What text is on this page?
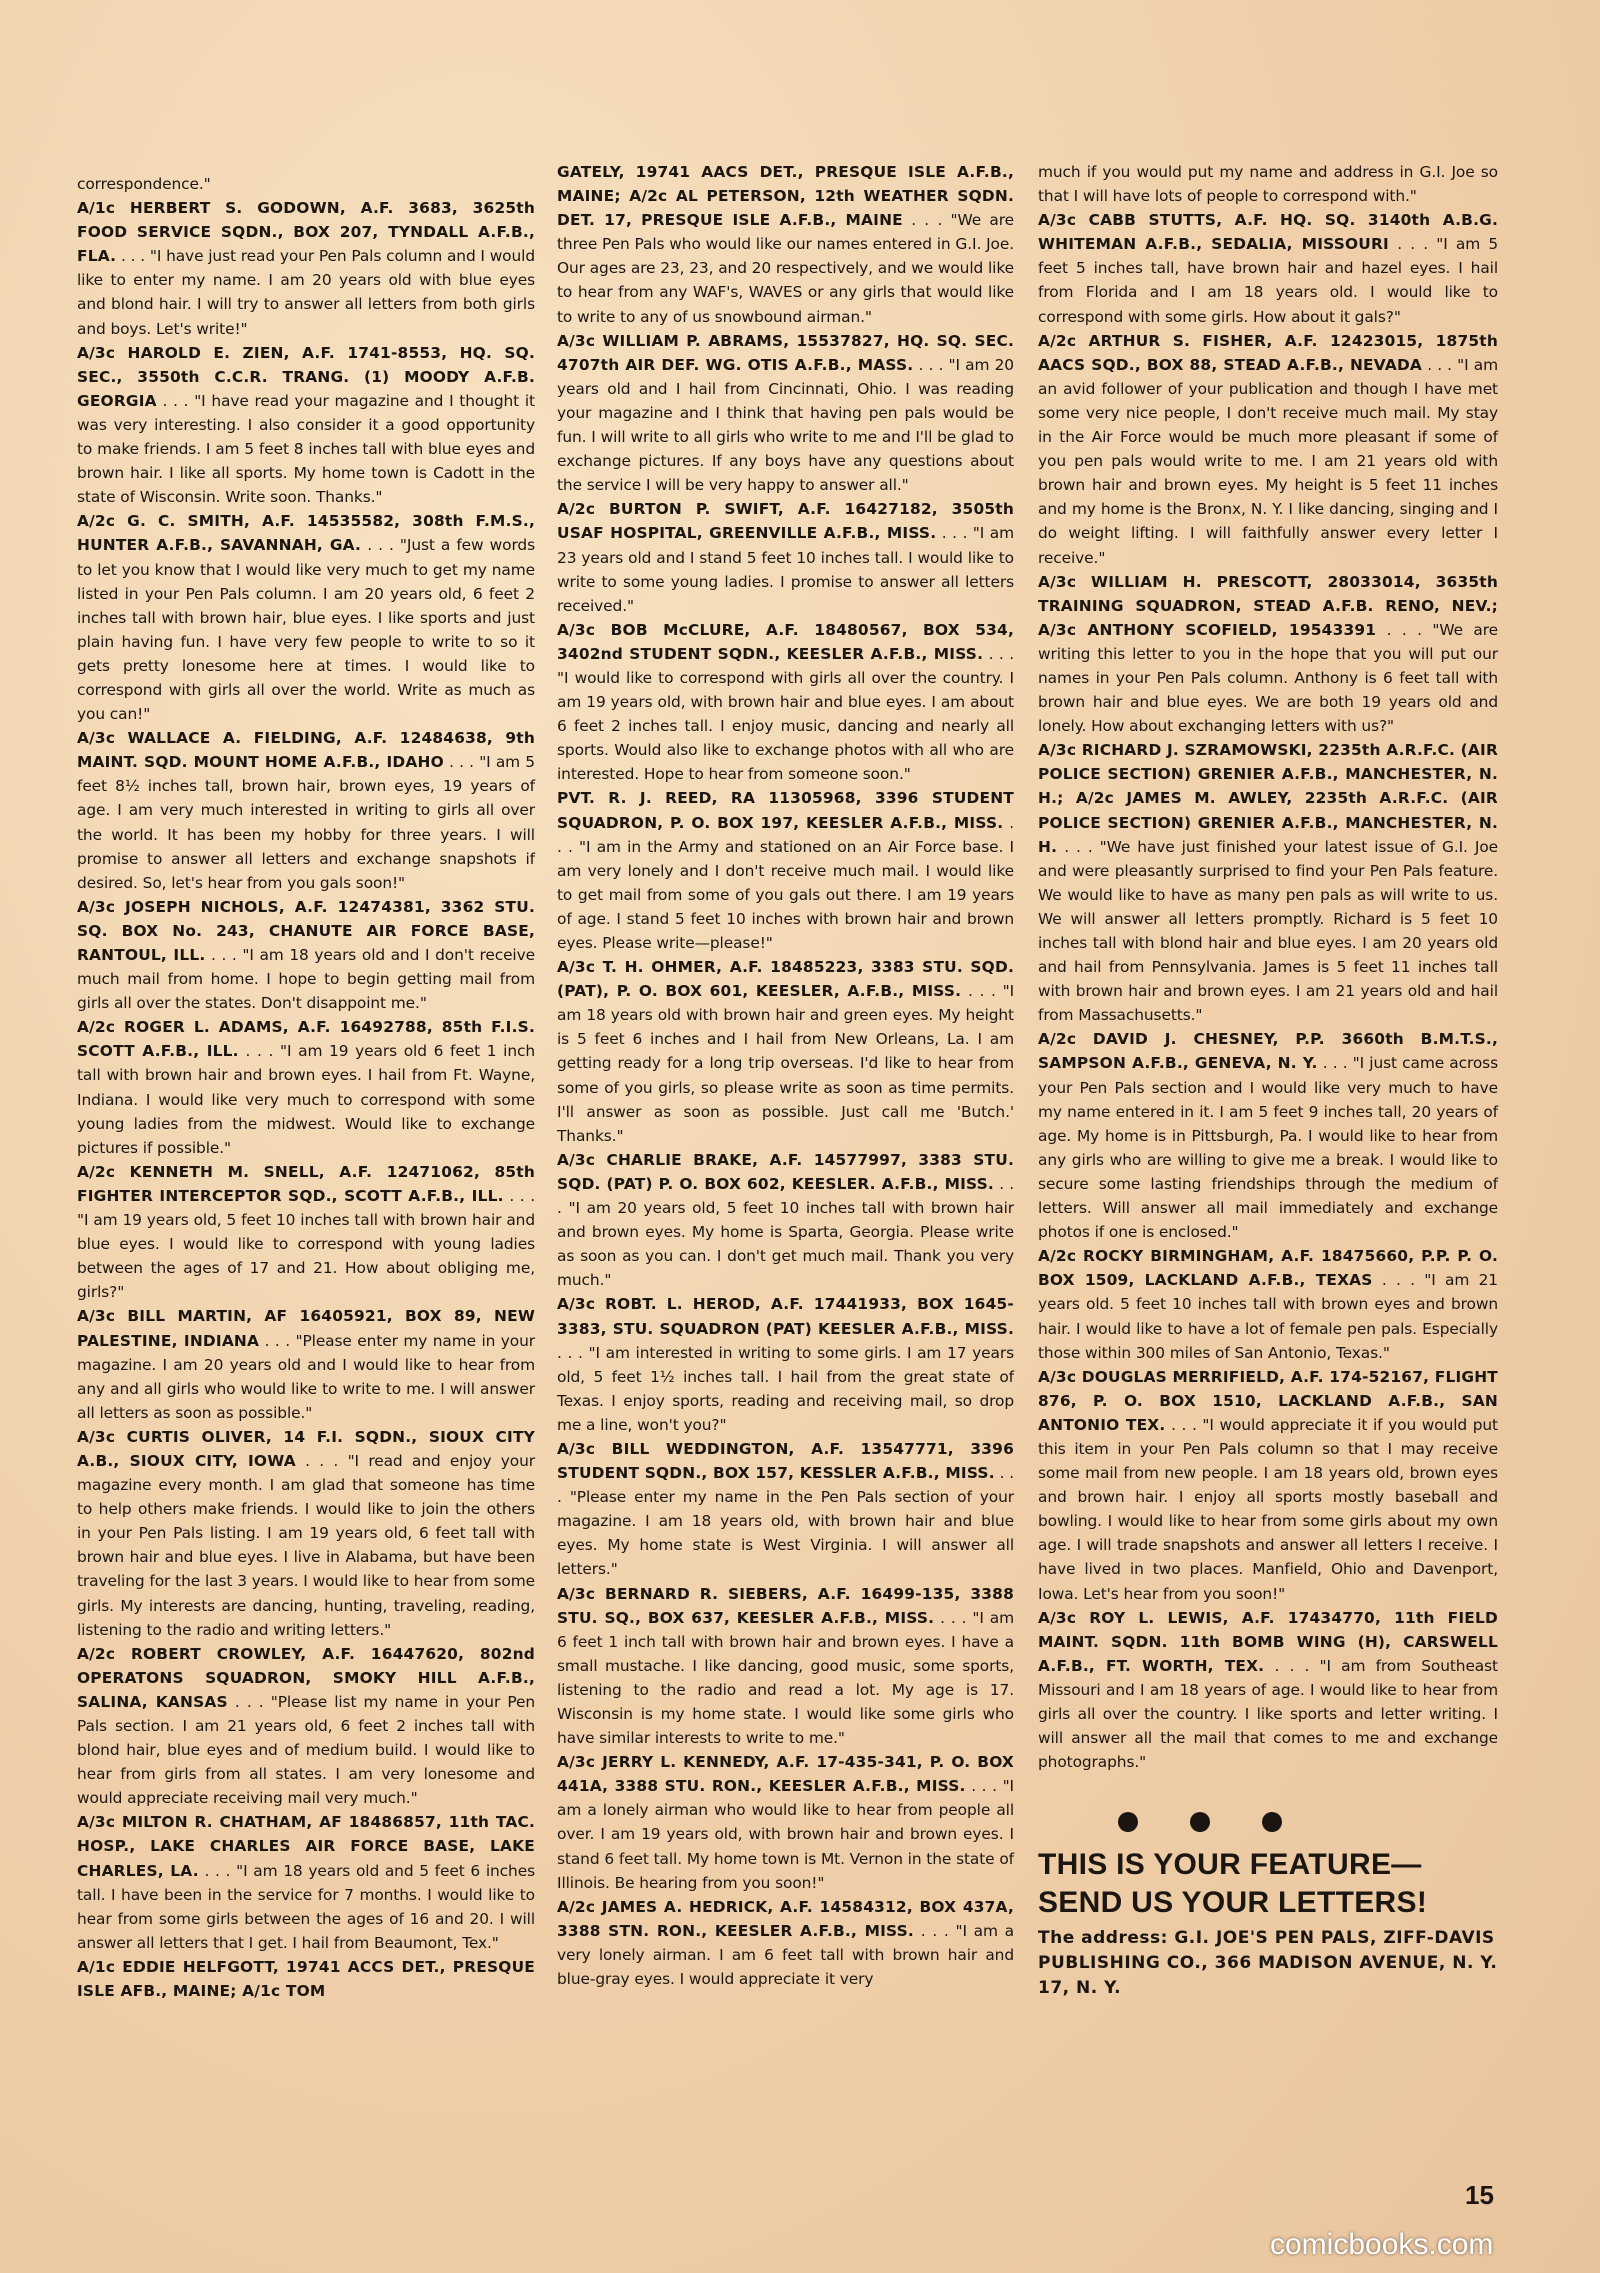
correspondence."

A/1c HERBERT S. GODOWN, A.F. 3683, 3625th FOOD SERVICE SQDN., BOX 207, TYNDALL A.F.B., FLA. . . . "I have just read your Pen Pals column and I would like to enter my name. I am 20 years old with blue eyes and blond hair. I will try to answer all letters from both girls and boys. Let's write!"

A/3c HAROLD E. ZIEN, A.F. 1741-8553, HQ. SQ. SEC., 3550th C.C.R. TRANG. (1) MOODY A.F.B. GEORGIA . . . "I have read your magazine and I thought it was very interesting. I also consider it a good opportunity to make friends. I am 5 feet 8 inches tall with blue eyes and brown hair. I like all sports. My home town is Cadott in the state of Wisconsin. Write soon. Thanks."

A/2c G. C. SMITH, A.F. 14535582, 308th F.M.S., HUNTER A.F.B., SAVANNAH, GA. . . . "Just a few words to let you know that I would like very much to get my name listed in your Pen Pals column. I am 20 years old, 6 feet 2 inches tall with brown hair, blue eyes. I like sports and just plain having fun. I have very few people to write to so it gets pretty lonesome here at times. I would like to correspond with girls all over the world. Write as much as you can!"

A/3c WALLACE A. FIELDING, A.F. 12484638, 9th MAINT. SQD. MOUNT HOME A.F.B., IDAHO . . . "I am 5 feet 8½ inches tall, brown hair, brown eyes, 19 years of age. I am very much interested in writing to girls all over the world. It has been my hobby for three years. I will promise to answer all letters and exchange snapshots if desired. So, let's hear from you gals soon!"

A/3c JOSEPH NICHOLS, A.F. 12474381, 3362 STU. SQ. BOX No. 243, CHANUTE AIR FORCE BASE, RANTOUL, ILL. . . . "I am 18 years old and I don't receive much mail from home. I hope to begin getting mail from girls all over the states. Don't disappoint me."

A/2c ROGER L. ADAMS, A.F. 16492788, 85th F.I.S. SCOTT A.F.B., ILL. . . . "I am 19 years old 6 feet 1 inch tall with brown hair and brown eyes. I hail from Ft. Wayne, Indiana. I would like very much to correspond with some young ladies from the midwest. Would like to exchange pictures if possible."

A/2c KENNETH M. SNELL, A.F. 12471062, 85th FIGHTER INTERCEPTOR SQD., SCOTT A.F.B., ILL. . . . "I am 19 years old, 5 feet 10 inches tall with brown hair and blue eyes. I would like to correspond with young ladies between the ages of 17 and 21. How about obliging me, girls?"

A/3c BILL MARTIN, AF 16405921, BOX 89, NEW PALESTINE, INDIANA . . . "Please enter my name in your magazine. I am 20 years old and I would like to hear from any and all girls who would like to write to me. I will answer all letters as soon as possible."

A/3c CURTIS OLIVER, 14 F.I. SQDN., SIOUX CITY A.B., SIOUX CITY, IOWA . . . "I read and enjoy your magazine every month. I am glad that someone has time to help others make friends. I would like to join the others in your Pen Pals listing. I am 19 years old, 6 feet tall with brown hair and blue eyes. I live in Alabama, but have been traveling for the last 3 years. I would like to hear from some girls. My interests are dancing, hunting, traveling, reading, listening to the radio and writing letters."

A/2c ROBERT CROWLEY, A.F. 16447620, 802nd OPERATONS SQUADRON, SMOKY HILL A.F.B., SALINA, KANSAS . . . "Please list my name in your Pen Pals section. I am 21 years old, 6 feet 2 inches tall with blond hair, blue eyes and of medium build. I would like to hear from girls from all states. I am very lonesome and would appreciate receiving mail very much."

A/3c MILTON R. CHATHAM, AF 18486857, 11th TAC. HOSP., LAKE CHARLES AIR FORCE BASE, LAKE CHARLES, LA. . . . "I am 18 years old and 5 feet 6 inches tall. I have been in the service for 7 months. I would like to hear from some girls between the ages of 16 and 20. I will answer all letters that I get. I hail from Beaumont, Tex."

A/1c EDDIE HELFGOTT, 19741 ACCS DET., PRESQUE ISLE AFB., MAINE; A/1c TOM

GATELY, 19741 AACS DET., PRESQUE ISLE A.F.B., MAINE; A/2c AL PETERSON, 12th WEATHER SQDN. DET. 17, PRESQUE ISLE A.F.B., MAINE . . . "We are three Pen Pals who would like our names entered in G.I. Joe. Our ages are 23, 23, and 20 respectively, and we would like to hear from any WAF's, WAVES or any girls that would like to write to any of us snowbound airman."

A/3c WILLIAM P. ABRAMS, 15537827, HQ. SQ. SEC. 4707th AIR DEF. WG. OTIS A.F.B., MASS. . . . "I am 20 years old and I hail from Cincinnati, Ohio. I was reading your magazine and I think that having pen pals would be fun. I will write to all girls who write to me and I'll be glad to exchange pictures. If any boys have any questions about the service I will be very happy to answer all."

A/2c BURTON P. SWIFT, A.F. 16427182, 3505th USAF HOSPITAL, GREENVILLE A.F.B., MISS. . . . "I am 23 years old and I stand 5 feet 10 inches tall. I would like to write to some young ladies. I promise to answer all letters received."

A/3c BOB McCLURE, A.F. 18480567, BOX 534, 3402nd STUDENT SQDN., KEESLER A.F.B., MISS. . . . "I would like to correspond with girls all over the country. I am 19 years old, with brown hair and blue eyes. I am about 6 feet 2 inches tall. I enjoy music, dancing and nearly all sports. Would also like to exchange photos with all who are interested. Hope to hear from someone soon."

PVT. R. J. REED, RA 11305968, 3396 STUDENT SQUADRON, P. O. BOX 197, KEESLER A.F.B., MISS. . . . "I am in the Army and stationed on an Air Force base. I am very lonely and I don't receive much mail. I would like to get mail from some of you gals out there. I am 19 years of age. I stand 5 feet 10 inches with brown hair and brown eyes. Please write—please!"

A/3c T. H. OHMER, A.F. 18485223, 3383 STU. SQD. (PAT), P. O. BOX 601, KEESLER, A.F.B., MISS. . . . "I am 18 years old with brown hair and green eyes. My height is 5 feet 6 inches and I hail from New Orleans, La. I am getting ready for a long trip overseas. I'd like to hear from some of you girls, so please write as soon as time permits. I'll answer as soon as possible. Just call me 'Butch.' Thanks."

A/3c CHARLIE BRAKE, A.F. 14577997, 3383 STU. SQD. (PAT) P. O. BOX 602, KEESLER. A.F.B., MISS. . . . "I am 20 years old, 5 feet 10 inches tall with brown hair and brown eyes. My home is Sparta, Georgia. Please write as soon as you can. I don't get much mail. Thank you very much."

A/3c ROBT. L. HEROD, A.F. 17441933, BOX 1645-3383, STU. SQUADRON (PAT) KEESLER A.F.B., MISS. . . . "I am interested in writing to some girls. I am 17 years old, 5 feet 1½ inches tall. I hail from the great state of Texas. I enjoy sports, reading and receiving mail, so drop me a line, won't you?"

A/3c BILL WEDDINGTON, A.F. 13547771, 3396 STUDENT SQDN., BOX 157, KESSLER A.F.B., MISS. . . . "Please enter my name in the Pen Pals section of your magazine. I am 18 years old, with brown hair and blue eyes. My home state is West Virginia. I will answer all letters."

A/3c BERNARD R. SIEBERS, A.F. 16499-135, 3388 STU. SQ., BOX 637, KEESLER A.F.B., MISS. . . . "I am 6 feet 1 inch tall with brown hair and brown eyes. I have a small mustache. I like dancing, good music, some sports, listening to the radio and read a lot. My age is 17. Wisconsin is my home state. I would like some girls who have similar interests to write to me."

A/3c JERRY L. KENNEDY, A.F. 17-435-341, P. O. BOX 441A, 3388 STU. RON., KEESLER A.F.B., MISS. . . . "I am a lonely airman who would like to hear from people all over. I am 19 years old, with brown hair and brown eyes. I stand 6 feet tall. My home town is Mt. Vernon in the state of Illinois. Be hearing from you soon!"

A/2c JAMES A. HEDRICK, A.F. 14584312, BOX 437A, 3388 STN. RON., KEESLER A.F.B., MISS. . . . "I am a very lonely airman. I am 6 feet tall with brown hair and blue-gray eyes. I would appreciate it very

much if you would put my name and address in G.I. Joe so that I will have lots of people to correspond with."

A/3c CABB STUTTS, A.F. HQ. SQ. 3140th A.B.G. WHITEMAN A.F.B., SEDALIA, MISSOURI . . . "I am 5 feet 5 inches tall, have brown hair and hazel eyes. I hail from Florida and I am 18 years old. I would like to correspond with some girls. How about it gals?"

A/2c ARTHUR S. FISHER, A.F. 12423015, 1875th AACS SQD., BOX 88, STEAD A.F.B., NEVADA . . . "I am an avid follower of your publication and though I have met some very nice people, I don't receive much mail. My stay in the Air Force would be much more pleasant if some of you pen pals would write to me. I am 21 years old with brown hair and brown eyes. My height is 5 feet 11 inches and my home is the Bronx, N. Y. I like dancing, singing and I do weight lifting. I will faithfully answer every letter I receive."

A/3c WILLIAM H. PRESCOTT, 28033014, 3635th TRAINING SQUADRON, STEAD A.F.B. RENO, NEV.; A/3c ANTHONY SCOFIELD, 19543391 . . . "We are writing this letter to you in the hope that you will put our names in your Pen Pals column. Anthony is 6 feet tall with brown hair and blue eyes. We are both 19 years old and lonely. How about exchanging letters with us?"

A/3c RICHARD J. SZRAMOWSKI, 2235th A.R.F.C. (AIR POLICE SECTION) GRENIER A.F.B., MANCHESTER, N. H.; A/2c JAMES M. AWLEY, 2235th A.R.F.C. (AIR POLICE SECTION) GRENIER A.F.B., MANCHESTER, N. H. . . . "We have just finished your latest issue of G.I. Joe and were pleasantly surprised to find your Pen Pals feature. We would like to have as many pen pals as will write to us. We will answer all letters promptly. Richard is 5 feet 10 inches tall with blond hair and blue eyes. I am 20 years old and hail from Pennsylvania. James is 5 feet 11 inches tall with brown hair and brown eyes. I am 21 years old and hail from Massachusetts."

A/2c DAVID J. CHESNEY, P.P. 3660th B.M.T.S., SAMPSON A.F.B., GENEVA, N. Y. . . . "I just came across your Pen Pals section and I would like very much to have my name entered in it. I am 5 feet 9 inches tall, 20 years of age. My home is in Pittsburgh, Pa. I would like to hear from any girls who are willing to give me a break. I would like to secure some lasting friendships through the medium of letters. Will answer all mail immediately and exchange photos if one is enclosed."

A/2c ROCKY BIRMINGHAM, A.F. 18475660, P.P. P. O. BOX 1509, LACKLAND A.F.B., TEXAS . . . "I am 21 years old. 5 feet 10 inches tall with brown eyes and brown hair. I would like to have a lot of female pen pals. Especially those within 300 miles of San Antonio, Texas."

A/3c DOUGLAS MERRIFIELD, A.F. 174-52167, FLIGHT 876, P. O. BOX 1510, LACKLAND A.F.B., SAN ANTONIO TEX. . . . "I would appreciate it if you would put this item in your Pen Pals column so that I may receive some mail from new people. I am 18 years old, brown eyes and brown hair. I enjoy all sports mostly baseball and bowling. I would like to hear from some girls about my own age. I will trade snapshots and answer all letters I receive. I have lived in two places. Manfield, Ohio and Davenport, Iowa. Let's hear from you soon!"

A/3c ROY L. LEWIS, A.F. 17434770, 11th FIELD MAINT. SQDN. 11th BOMB WING (H), CARSWELL A.F.B., FT. WORTH, TEX. . . . "I am from Southeast Missouri and I am 18 years of age. I would like to hear from girls all over the country. I like sports and letter writing. I will answer all the mail that comes to me and exchange photographs."

THIS IS YOUR FEATURE—
SEND US YOUR LETTERS!
The address: G.I. JOE'S PEN PALS, ZIFF-DAVIS PUBLISHING CO., 366 MADISON AVENUE, N. Y. 17, N. Y.
15
comicbooks.com
